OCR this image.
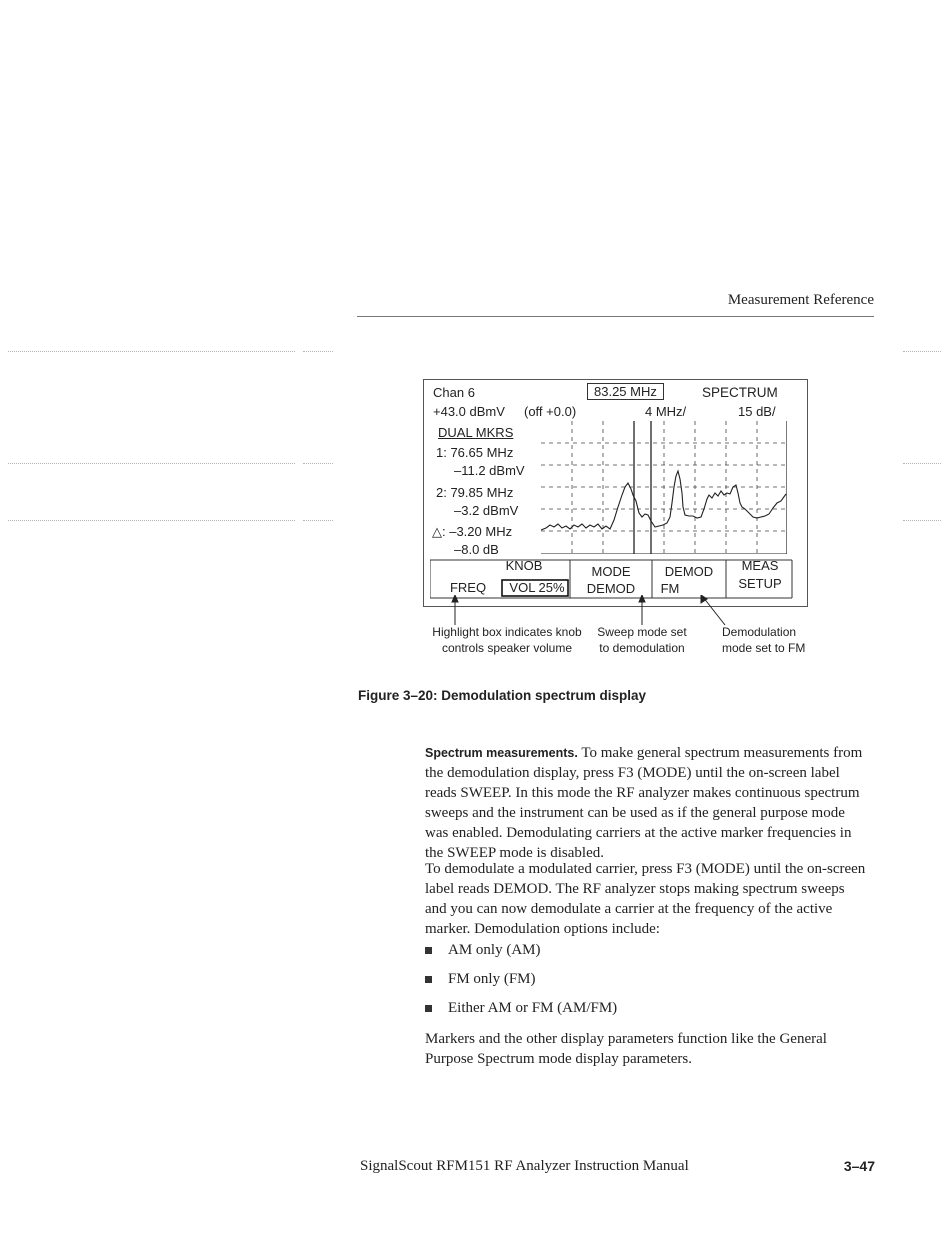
Measurement Reference
Chan 6	83.25 MHz	SPECTRUM
+43.0 dBmV (off +0.0)	4 MHz/	15 dB/
DUAL MKRS
1: 76.65 MHz
–11.2 dBmV
2: 79.85 MHz
–3.2 dBmV
△: –3.20 MHz
–8.0 dB
KNOB
FREQ	VOL 25%
MODE
DEMOD
DEMOD
FM
MEAS
SETUP
Highlight box indicates knob
controls speaker volume
Sweep mode set
to demodulation
Demodulation
mode set to FM
Figure 3–20: Demodulation spectrum display
Spectrum measurements. To make general spectrum measurements from the demodulation display, press F3 (MODE) until the on-screen label reads SWEEP. In this mode the RF analyzer makes continuous spectrum sweeps and the instrument can be used as if the general purpose mode was enabled. Demodulating carriers at the active marker frequencies in the SWEEP mode is disabled.
To demodulate a modulated carrier, press F3 (MODE) until the on-screen label reads DEMOD. The RF analyzer stops making spectrum sweeps and you can now demodulate a carrier at the frequency of the active marker. Demodulation options include:
AM only (AM)
FM only (FM)
Either AM or FM (AM/FM)
Markers and the other display parameters function like the General Purpose Spectrum mode display parameters.
SignalScout RFM151 RF Analyzer Instruction Manual	3–47
